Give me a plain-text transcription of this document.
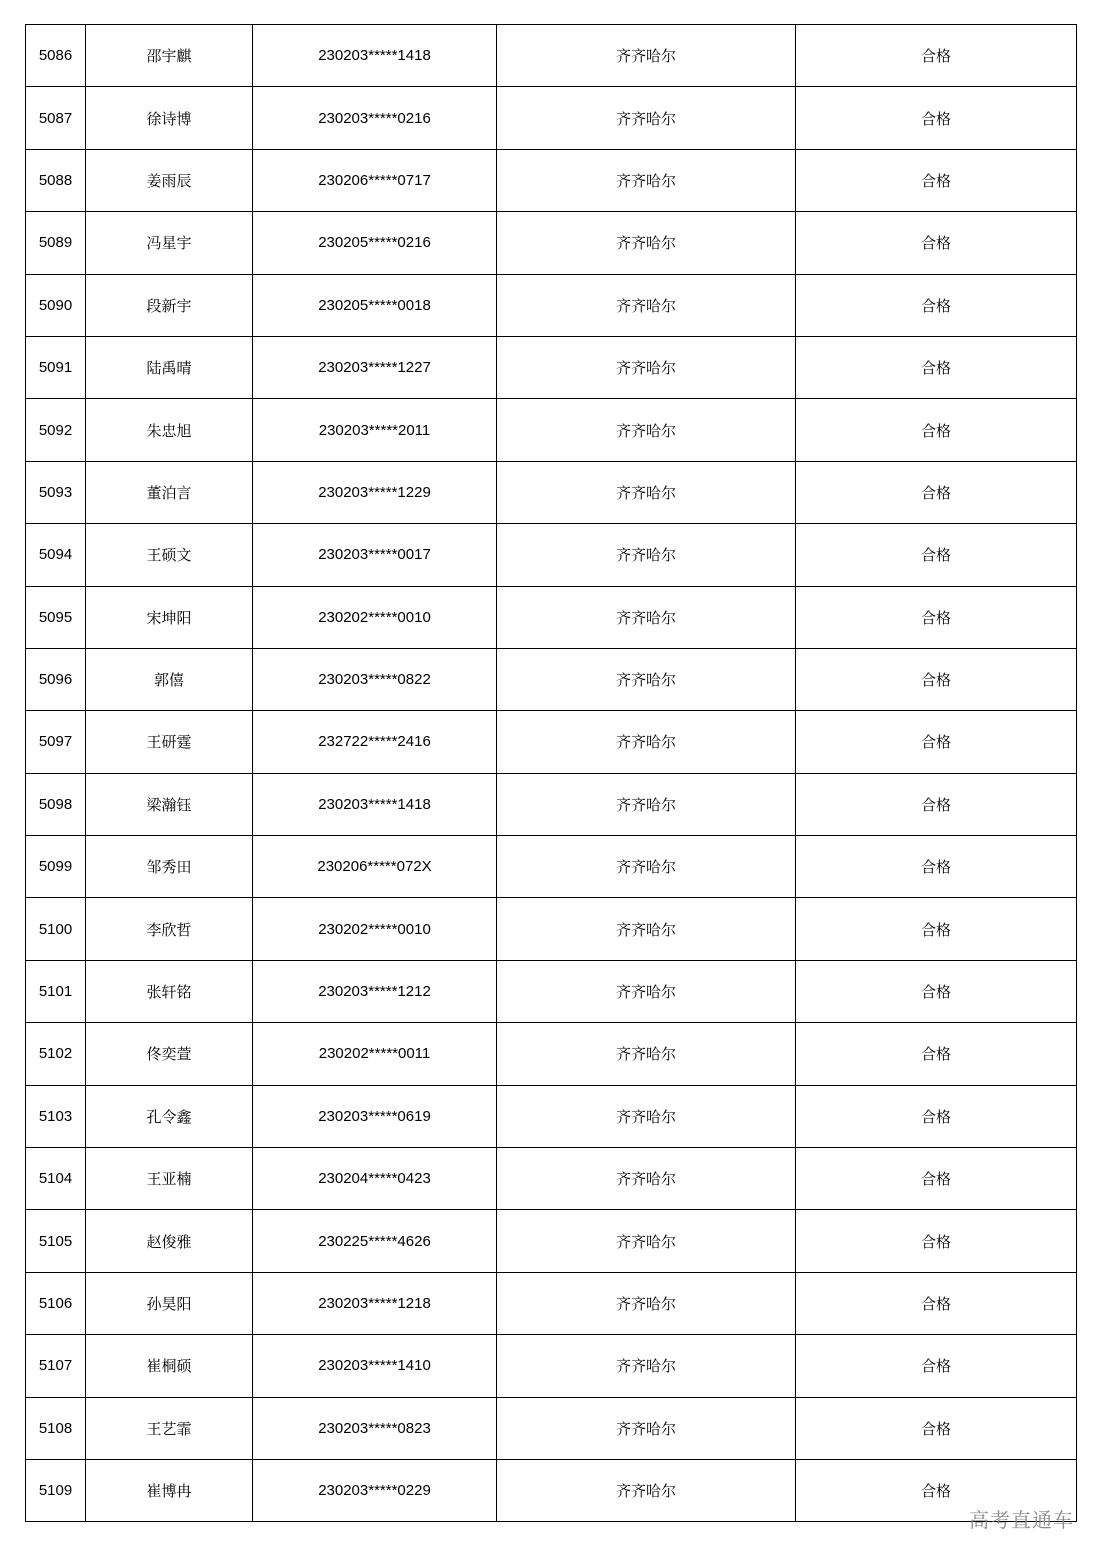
5086	邵宇麒	230203*****1418	齐齐哈尔	合格
5087	徐诗博	230203*****0216	齐齐哈尔	合格
5088	姜雨辰	230206*****0717	齐齐哈尔	合格
5089	冯星宇	230205*****0216	齐齐哈尔	合格
5090	段新宇	230205*****0018	齐齐哈尔	合格
5091	陆禹晴	230203*****1227	齐齐哈尔	合格
5092	朱忠旭	230203*****2011	齐齐哈尔	合格
5093	董泊言	230203*****1229	齐齐哈尔	合格
5094	王硕文	230203*****0017	齐齐哈尔	合格
5095	宋坤阳	230202*****0010	齐齐哈尔	合格
5096	郭僖	230203*****0822	齐齐哈尔	合格
5097	王研霆	232722*****2416	齐齐哈尔	合格
5098	梁瀚钰	230203*****1418	齐齐哈尔	合格
5099	邹秀田	230206*****072X	齐齐哈尔	合格
5100	李欣哲	230202*****0010	齐齐哈尔	合格
5101	张轩铭	230203*****1212	齐齐哈尔	合格
5102	佟奕萱	230202*****0011	齐齐哈尔	合格
5103	孔令鑫	230203*****0619	齐齐哈尔	合格
5104	王亚楠	230204*****0423	齐齐哈尔	合格
5105	赵俊雅	230225*****4626	齐齐哈尔	合格
5106	孙昊阳	230203*****1218	齐齐哈尔	合格
5107	崔桐硕	230203*****1410	齐齐哈尔	合格
5108	王艺霏	230203*****0823	齐齐哈尔	合格
5109	崔博冉	230203*****0229	齐齐哈尔	合格
高考直通车
